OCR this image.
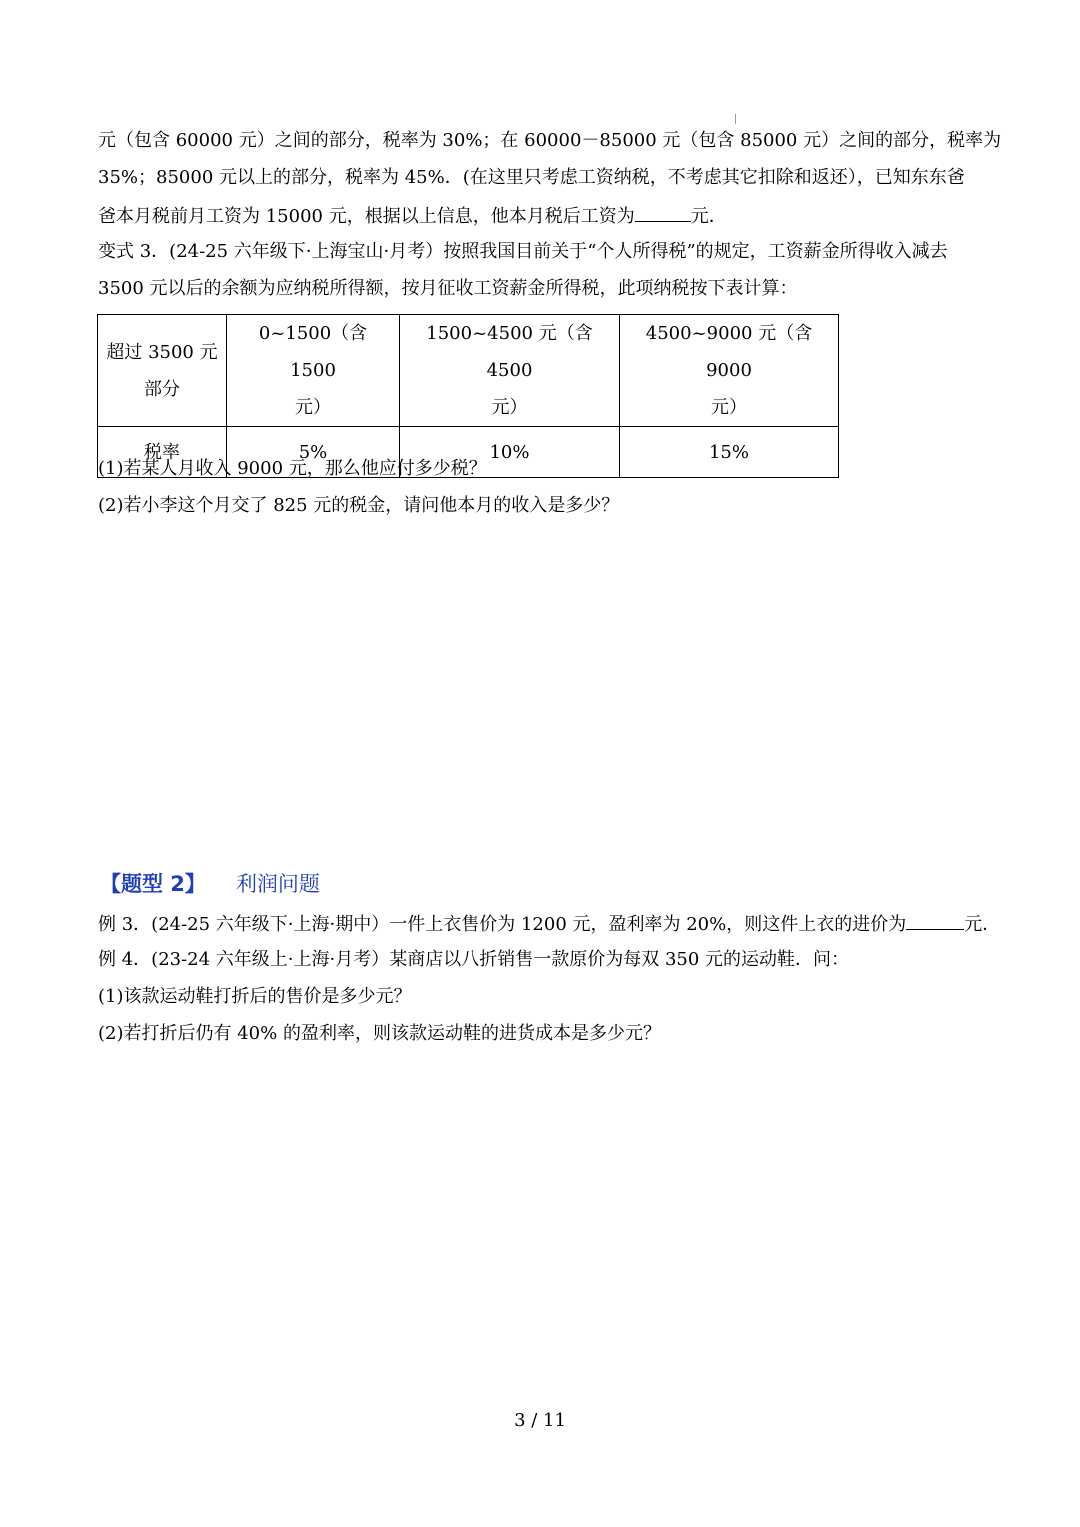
元（包含 60000 元）之间的部分，税率为 30%；在 60000－85000 元（包含 85000 元）之间的部分，税率为
35%；85000 元以上的部分，税率为 45%．(在这里只考虑工资纳税，不考虑其它扣除和返还），已知东东爸
爸本月税前月工资为 15000 元，根据以上信息，他本月税后工资为	元．
变式 3．(24-25 六年级下·上海宝山·月考）按照我国目前关于“个人所得税”的规定，工资薪金所得收入减去
3500 元以后的余额为应纳税所得额，按月征收工资薪金所得税，此项纳税按下表计算：
超过 3500 元
部分	0~1500（含 1500
元）	1500~4500 元（含 4500
元）	4500~9000 元（含 9000
元）
税率	5%	10%	15%
(1)若某人月收入 9000 元，那么他应付多少税？
(2)若小李这个月交了 825 元的税金，请问他本月的收入是多少？
【题型 2】 利润问题
例 3．(24-25 六年级下·上海·期中）一件上衣售价为 1200 元，盈利率为 20%，则这件上衣的进价为	元．
例 4．(23-24 六年级上·上海·月考）某商店以八折销售一款原价为每双 350 元的运动鞋．问：
(1)该款运动鞋打折后的售价是多少元？
(2)若打折后仍有 40% 的盈利率，则该款运动鞋的进货成本是多少元？
3 / 11
